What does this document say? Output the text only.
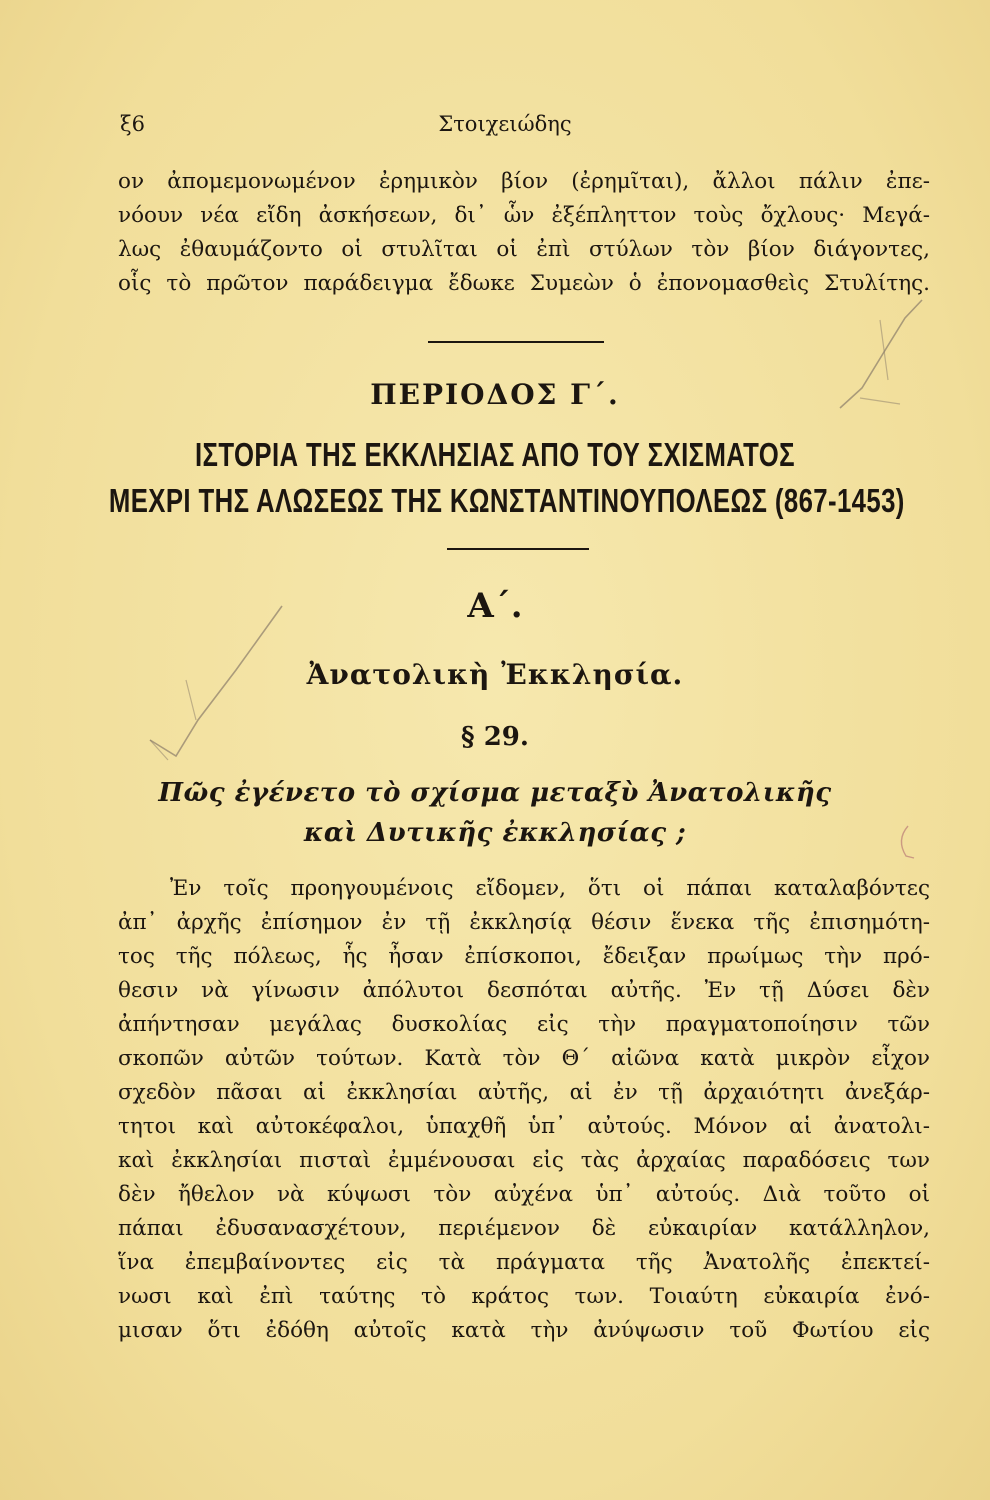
ξ6	Στοιχειώδης
ον ἀπομεμονωμένον ἐρημικὸν βίον (ἐρημῖται), ἄλλοι πάλιν ἐπε-
νόουν νέα εἴδη ἀσκήσεων, δι᾿ ὧν ἐξέπληττον τοὺς ὄχλους· Μεγά-
λως ἐθαυμάζοντο οἱ στυλῖται οἱ ἐπὶ στύλων τὸν βίον διάγοντες,
οἷς τὸ πρῶτον παράδειγμα ἔδωκε Συμεὼν ὁ ἐπονομασθεὶς Στυλίτης.
ΠΕΡΙΟΔΟΣ Γ΄.
ΙΣΤΟΡΙΑ ΤΗΣ ΕΚΚΛΗΣΙΑΣ ΑΠΟ ΤΟΥ ΣΧΙΣΜΑΤΟΣ
ΜΕΧΡΙ ΤΗΣ ΑΛΩΣΕΩΣ ΤΗΣ ΚΩΝΣΤΑΝΤΙΝΟΥΠΟΛΕΩΣ (867-1453)
Α΄.
Ἀνατολικὴ Ἐκκλησία.
§ 29.
Πῶς ἐγένετο τὸ σχίσμα μεταξὺ Ἀνατολικῆς
καὶ Δυτικῆς ἐκκλησίας ;
Ἐν τοῖς προηγουμένοις εἴδομεν, ὅτι οἱ πάπαι καταλαβόντες
ἀπ᾿ ἀρχῆς ἐπίσημον ἐν τῇ ἐκκλησίᾳ θέσιν ἕνεκα τῆς ἐπισημότη-
τος τῆς πόλεως, ἧς ἦσαν ἐπίσκοποι, ἔδειξαν πρωίμως τὴν πρό-
θεσιν νὰ γίνωσιν ἀπόλυτοι δεσπόται αὐτῆς. Ἐν τῇ Δύσει δὲν
ἀπήντησαν μεγάλας δυσκολίας εἰς τὴν πραγματοποίησιν τῶν
σκοπῶν αὐτῶν τούτων. Κατὰ τὸν Θ΄ αἰῶνα κατὰ μικρὸν εἶχον
σχεδὸν πᾶσαι αἱ ἐκκλησίαι αὐτῆς, αἱ ἐν τῇ ἀρχαιότητι ἀνεξάρ-
τητοι καὶ αὐτοκέφαλοι, ὑπαχθῆ ὑπ᾿ αὐτούς. Μόνον αἱ ἀνατολι-
καὶ ἐκκλησίαι πισταὶ ἐμμένουσαι εἰς τὰς ἀρχαίας παραδόσεις των
δὲν ἤθελον νὰ κύψωσι τὸν αὐχένα ὑπ᾿ αὐτούς. Διὰ τοῦτο οἱ
πάπαι ἐδυσανασχέτουν, περιέμενον δὲ εὐκαιρίαν κατάλληλον,
ἵνα ἐπεμβαίνοντες εἰς τὰ πράγματα τῆς Ἀνατολῆς ἐπεκτεί-
νωσι καὶ ἐπὶ ταύτης τὸ κράτος των. Τοιαύτη εὐκαιρία ἐνό-
μισαν ὅτι ἐδόθη αὐτοῖς κατὰ τὴν ἀνύψωσιν τοῦ Φωτίου εἰς
